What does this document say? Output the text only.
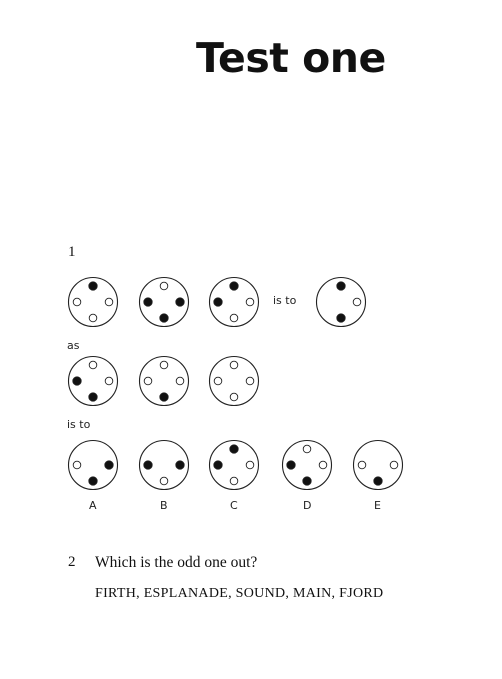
Test one
1
is to
as
is to
A	B	C	D	E
2 Which is the odd one out?
FIRTH, ESPLANADE, SOUND, MAIN, FJORD
